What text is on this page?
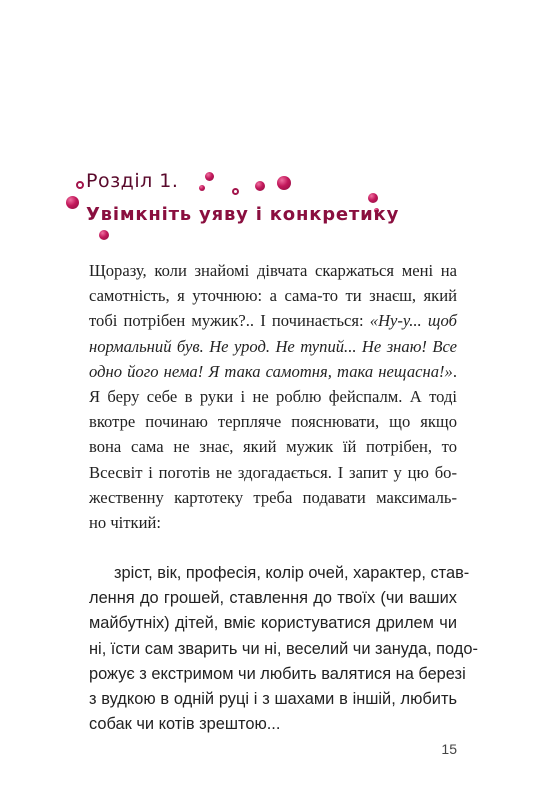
Розділ 1.
Увімкніть уяву і конкретику
Щоразу, коли знайомі дівчата скаржаться мені на
самотність, я уточнюю: а сама-то ти знаєш, який
тобі потрібен мужик?.. І починається: «Ну-у... щоб
нормальний був. Не урод. Не тупий... Не знаю! Все
одно його нема! Я така самотня, така нещасна!».
Я беру себе в руки і не роблю фейспалм. А тоді
вкотре починаю терпляче пояснювати, що якщо
вона сама не знає, який мужик їй потрібен, то
Всесвіт і поготів не здогадається. І запит у цю бо-
жественну картотеку треба подавати максималь-
но чіткий:
зріст, вік, професія, колір очей, характер, став-
лення до грошей, ставлення до твоїх (чи ваших
майбутніх) дітей, вміє користуватися дрилем чи
ні, їсти сам зварить чи ні, веселий чи зануда, подо-
рожує з екстримом чи любить валятися на березі
з вудкою в одній руці і з шахами в іншій, любить
собак чи котів зрештою...
15
